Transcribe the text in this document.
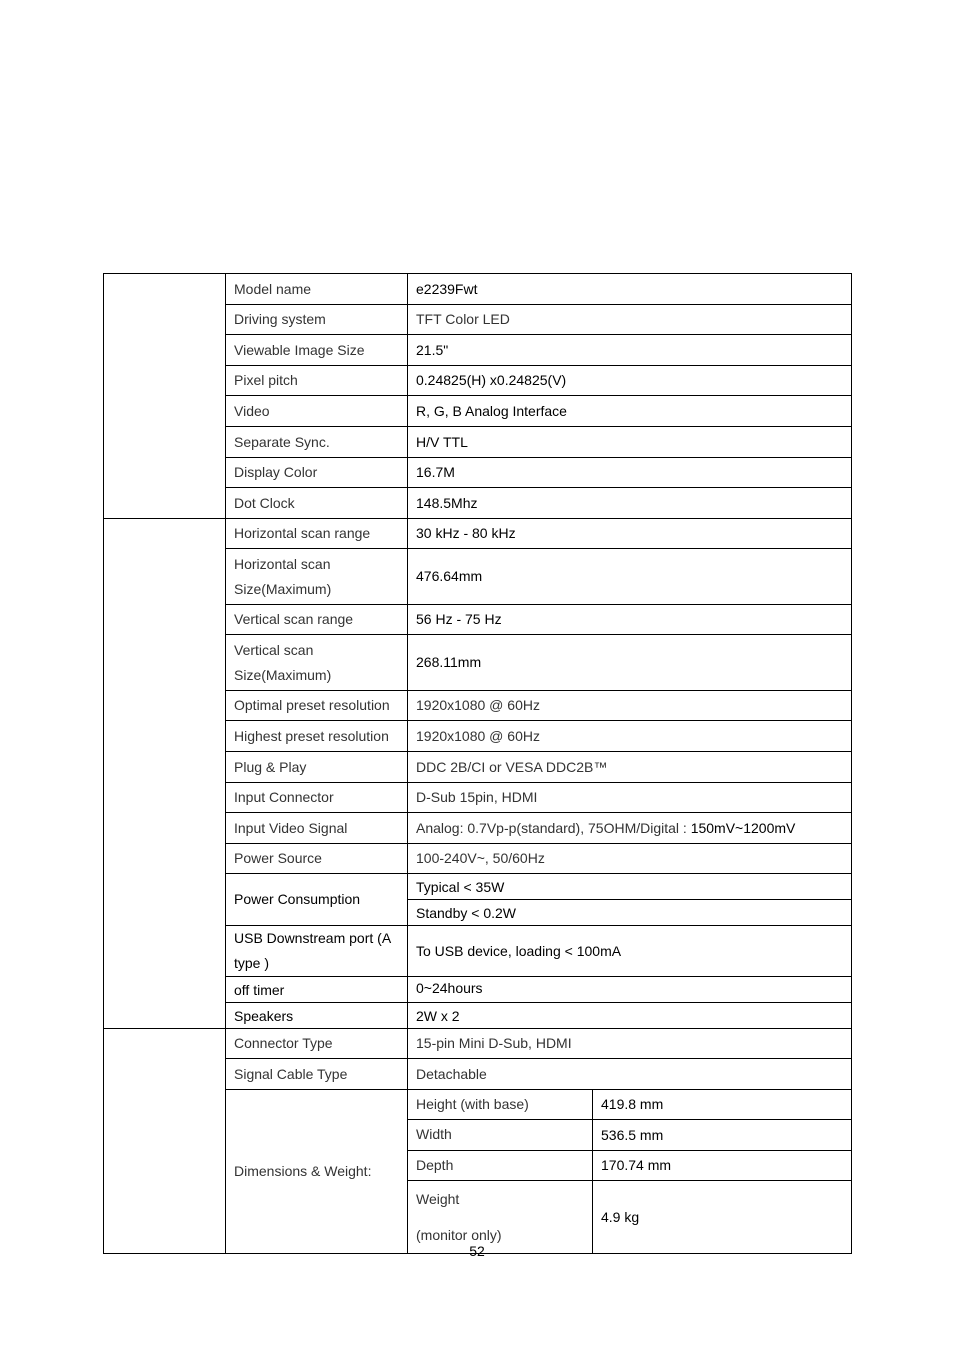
	Model name	e2239Fwt	
	Driving system	TFT Color LED	
	Viewable Image Size	21.5"	
	Pixel pitch	0.24825(H) x0.24825(V)	
	Video	R, G, B Analog Interface	
	Separate Sync.	H/V TTL	
	Display Color	16.7M	
	Dot Clock	148.5Mhz	
	Horizontal scan range	30 kHz - 80 kHz	
	Horizontal scan Size(Maximum)	476.64mm	
	Vertical scan range	56 Hz - 75 Hz	
	Vertical scan Size(Maximum)	268.11mm	
	Optimal preset resolution	1920x1080 @ 60Hz	
	Highest preset resolution	1920x1080 @ 60Hz	
	Plug & Play	DDC 2B/CI or VESA DDC2B™	
	Input Connector	D-Sub 15pin, HDMI	
	Input Video Signal	Analog: 0.7Vp-p(standard), 75OHM/Digital : 150mV~1200mV	
	Power Source	100-240V~, 50/60Hz	
	Power Consumption	Typical < 35W	
		Standby < 0.2W	
	USB Downstream port (A type )	To USB device, loading < 100mA	
	off timer	0~24hours	
	Speakers	2W x 2	
	Connector Type	15-pin Mini D-Sub, HDMI	
	Signal Cable Type	Detachable	
	Dimensions & Weight:	Height (with base)	419.8 mm
		Width	536.5 mm
		Depth	170.74 mm
		Weight
(monitor only)	4.9 kg
52
